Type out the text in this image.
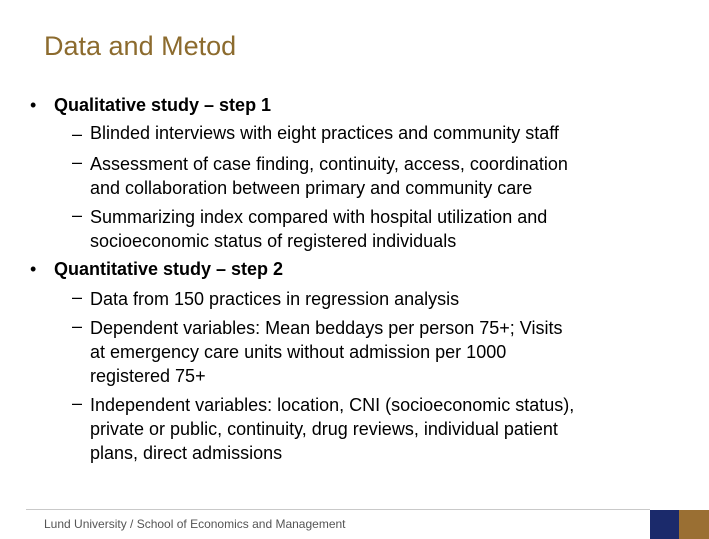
Data and Metod
• Qualitative study – step 1
– Blinded interviews with eight practices and community staff
– Assessment of case finding, continuity, access, coordination
and collaboration between primary and community care
– Summarizing index compared with hospital utilization and
socioeconomic status of registered individuals
• Quantitative study – step 2
– Data from 150 practices in regression analysis
– Dependent variables: Mean beddays per person 75+; Visits
at emergency care units without admission per 1000
registered 75+
– Independent variables: location, CNI (socioeconomic status),
private or public, continuity, drug reviews, individual patient
plans, direct admissions
Lund University / School of Economics and Management
